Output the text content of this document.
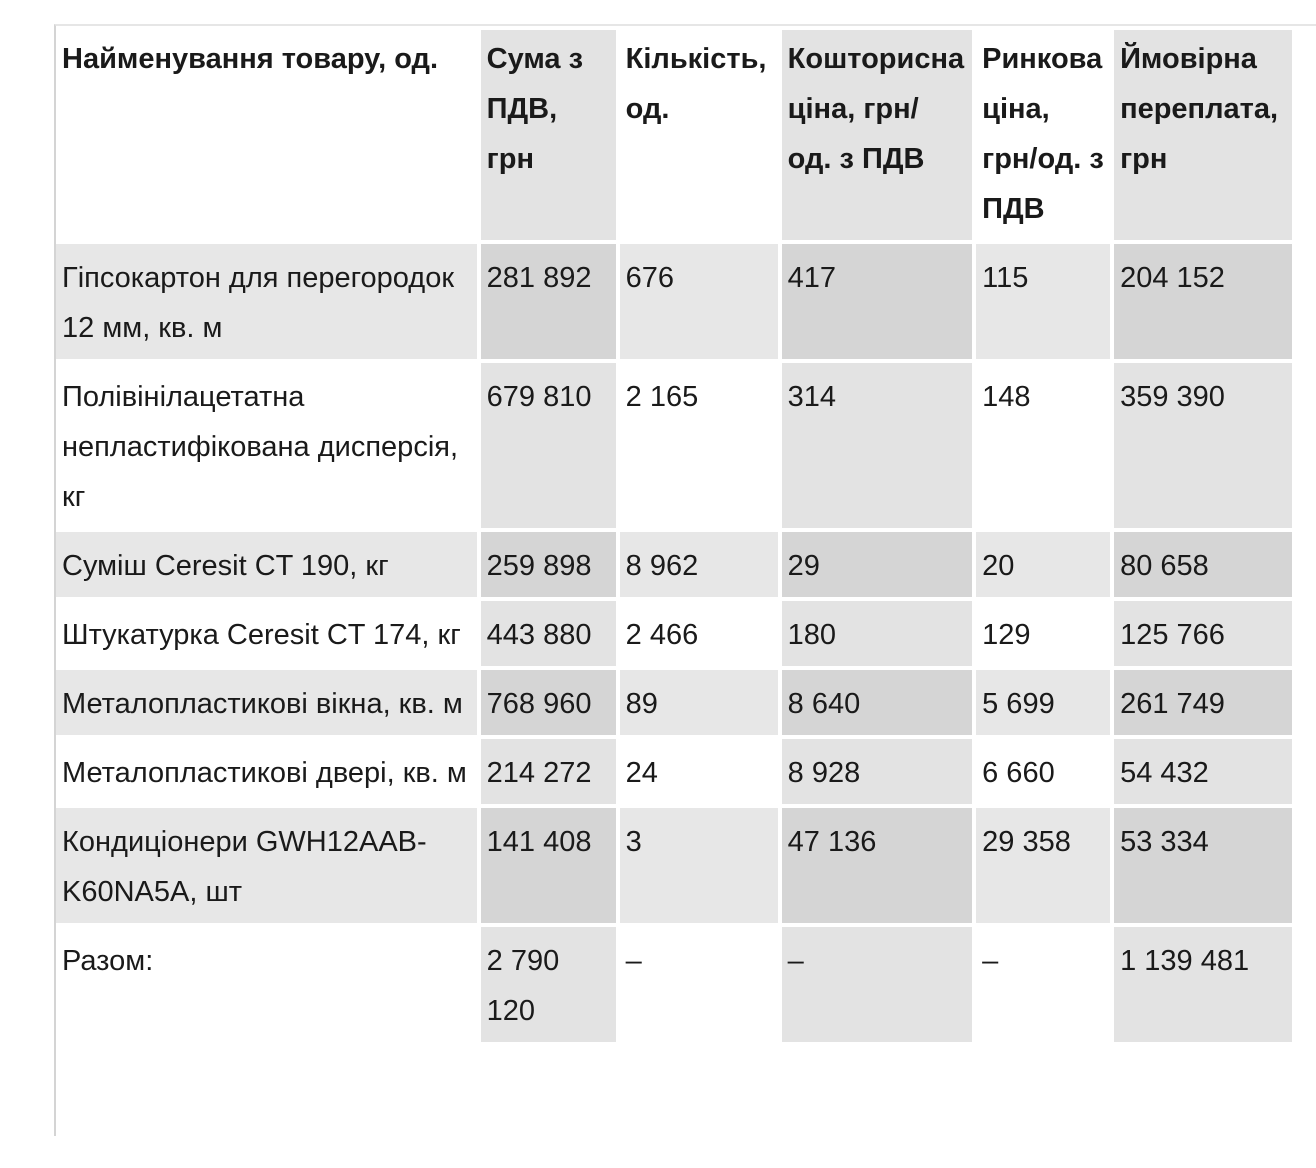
Найменування товару, од.	Сума з ПДВ, грн	Кількість, од.	Кошторисна ціна, грн/ од. з ПДВ	Ринкова ціна, грн/од. з ПДВ	Ймовірна переплата, грн
Гіпсокартон для перегородок 12 мм, кв. м	281 892	676	417	115	204 152
Полівінілацетатна непластифікована дисперсія, кг	679 810	2 165	314	148	359 390
Суміш Ceresit CT 190, кг	259 898	8 962	29	20	80 658
Штукатурка Ceresit CT 174, кг	443 880	2 466	180	129	125 766
Металопластикові вікна, кв. м	768 960	89	8 640	5 699	261 749
Металопластикові двері, кв. м	214 272	24	8 928	6 660	54 432
Кондиціонери GWH12AAB-K60NA5A, шт	141 408	3	47 136	29 358	53 334
Разом:	2 790 120	–	–	–	1 139 481
